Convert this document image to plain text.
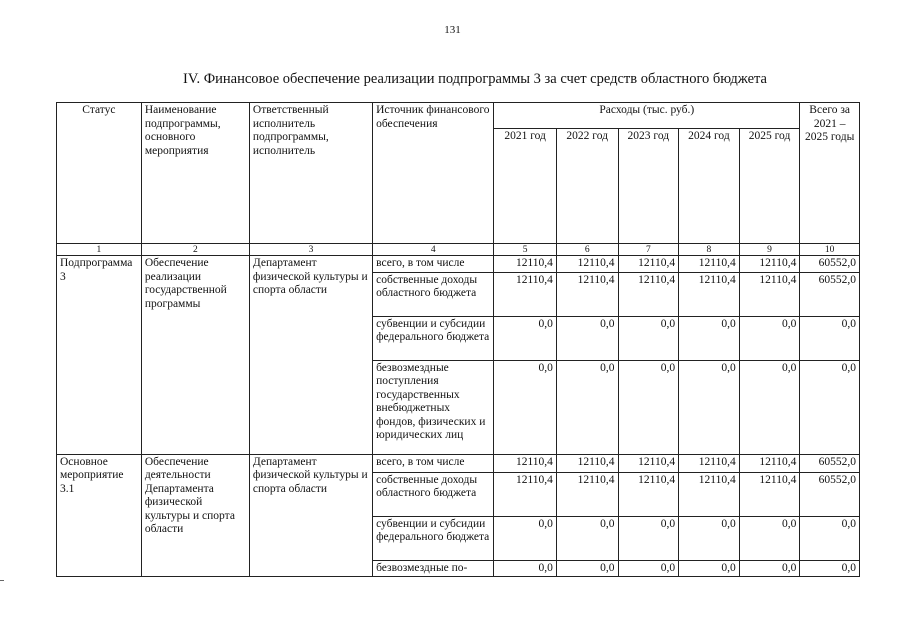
131
IV. Финансовое обеспечение реализации подпрограммы 3 за счет средств областного бюджета
Статус	Наименование подпрограммы, основного мероприятия	Ответственный исполнитель подпрограммы, исполнитель	Источник финансового обеспечения	Расходы (тыс. руб.)					Всего за 2021 – 2025 годы
				2021 год	2022 год	2023 год	2024 год	2025 год	
1	2	3	4	5	6	7	8	9	10
Подпрограмма 3	Обеспечение реализации государственной программы	Департамент физической культуры и спорта области	всего, в том числе	12110,4	12110,4	12110,4	12110,4	12110,4	60552,0
			собственные доходы областного бюджета	12110,4	12110,4	12110,4	12110,4	12110,4	60552,0
			субвенции и субсидии федерального бюджета	0,0	0,0	0,0	0,0	0,0	0,0
			безвозмездные поступления государственных внебюджетных фондов, физических и юридических лиц	0,0	0,0	0,0	0,0	0,0	0,0
Основное мероприятие 3.1	Обеспечение деятельности Департамента физической культуры и спорта области	Департамент физической культуры и спорта области	всего, в том числе	12110,4	12110,4	12110,4	12110,4	12110,4	60552,0
			собственные доходы областного бюджета	12110,4	12110,4	12110,4	12110,4	12110,4	60552,0
			субвенции и субсидии федерального бюджета	0,0	0,0	0,0	0,0	0,0	0,0
			безвозмездные по-	0,0	0,0	0,0	0,0	0,0	0,0
